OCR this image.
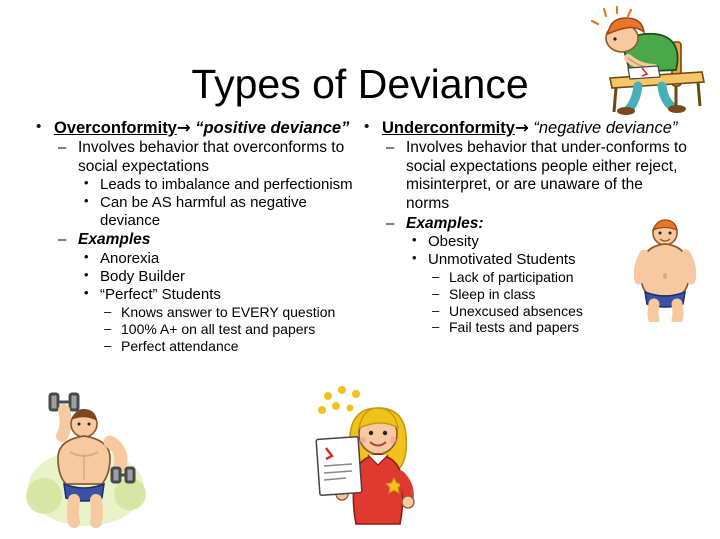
Types of Deviance
• Overconformity→ “positive deviance”
– Involves behavior that overconforms to social expectations
• Leads to imbalance and perfectionism
• Can be AS harmful as negative deviance
– Examples
• Anorexia
• Body Builder
• “Perfect” Students
– Knows answer to EVERY question
– 100% A+ on all test and papers
– Perfect attendance
• Underconformity→ “negative deviance”
– Involves behavior that under-conforms to social expectations people either reject, misinterpret, or are unaware of the norms
– Examples:
• Obesity
• Unmotivated Students
– Lack of participation
– Sleep in class
– Unexcused absences
– Fail tests and papers
